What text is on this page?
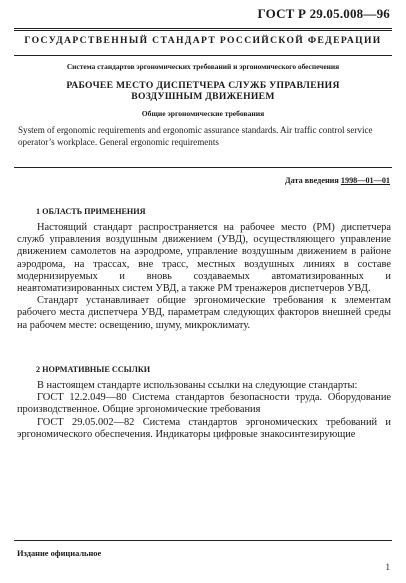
ГОСТ Р 29.05.008—96
ГОСУДАРСТВЕННЫЙ СТАНДАРТ РОССИЙСКОЙ ФЕДЕРАЦИИ
Система стандартов эргономических требований и эргономического обеспечения
РАБОЧЕЕ МЕСТО ДИСПЕТЧЕРА СЛУЖБ УПРАВЛЕНИЯ
ВОЗДУШНЫМ ДВИЖЕНИЕМ
Общие эргономические требования
System of ergonomic requirements and ergonomic assurance standards. Air traffic control service operator’s workplace. General ergonomic requirements
Дата введения 1998—01—01
1 ОБЛАСТЬ ПРИМЕНЕНИЯ

Настоящий стандарт распространяется на рабочее место (РМ) диспетчера служб управления воздушным движением (УВД), осуществляющего управление движением самолетов на аэродроме, управление воздушным движением в районе аэродрома, на трассах, вне трасс, местных воздушных линиях в составе модернизируемых и вновь создаваемых автоматизированных и неавтоматизированных систем УВД, а также РМ тренажеров диспетчеров УВД.

Стандарт устанавливает общие эргономические требования к элементам рабочего места диспетчера УВД, параметрам следующих факторов внешней среды на рабочем месте: освещению, шуму, микроклимату.

2 НОРМАТИВНЫЕ ССЫЛКИ

В настоящем стандарте использованы ссылки на следующие стандарты:

ГОСТ 12.2.049—80 Система стандартов безопасности труда. Оборудование производственное. Общие эргономические требования

ГОСТ 29.05.002—82 Система стандартов эргономических требований и эргономического обеспечения. Индикаторы цифровые знакосинтезирующие

Издание официальное
1
